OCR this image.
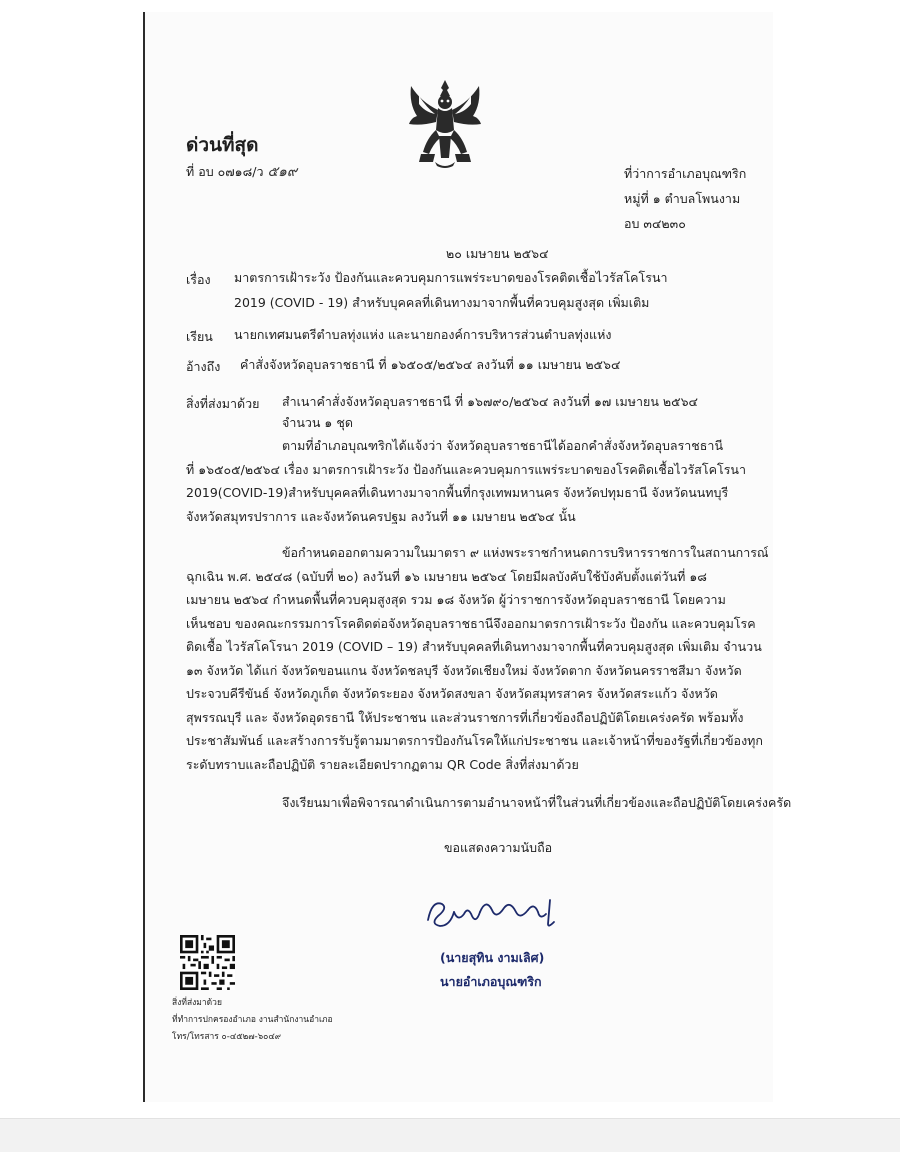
ด่วนที่สุด
ที่ อบ ๐๗๑๘/ว ๕๑๙	ที่ว่าการอำเภอบุณฑริก
หมู่ที่ ๑ ตำบลโพนงาม
อบ ๓๔๒๓๐
๒๐ เมษายน ๒๕๖๔
เรื่อง มาตรการเฝ้าระวัง ป้องกันและควบคุมการแพร่ระบาดของโรคติดเชื้อไวรัสโคโรนา
2019 (COVID - 19) สำหรับบุคคลที่เดินทางมาจากพื้นที่ควบคุมสูงสุด เพิ่มเติม
เรียน นายกเทศมนตรีตำบลทุ่งแห่ง และนายกองค์การบริหารส่วนตำบลทุ่งแห่ง
อ้างถึง คำสั่งจังหวัดอุบลราชธานี ที่ ๑๖๕๐๕/๒๕๖๔ ลงวันที่ ๑๑ เมษายน ๒๕๖๔
สิ่งที่ส่งมาด้วย สำเนาคำสั่งจังหวัดอุบลราชธานี ที่ ๑๖๗๙๐/๒๕๖๔ ลงวันที่ ๑๗ เมษายน ๒๕๖๔
จำนวน ๑ ชุด
ตามที่อำเภอบุณฑริกได้แจ้งว่า จังหวัดอุบลราชธานีได้ออกคำสั่งจังหวัดอุบลราชธานี
ที่ ๑๖๕๐๕/๒๕๖๔ เรื่อง มาตรการเฝ้าระวัง ป้องกันและควบคุมการแพร่ระบาดของโรคติดเชื้อไวรัสโคโรนา
2019(COVID-19)สำหรับบุคคลที่เดินทางมาจากพื้นที่กรุงเทพมหานคร จังหวัดปทุมธานี จังหวัดนนทบุรี
จังหวัดสมุทรปราการ และจังหวัดนครปฐม ลงวันที่ ๑๑ เมษายน ๒๕๖๔ นั้น
ข้อกำหนดออกตามความในมาตรา ๙ แห่งพระราชกำหนดการบริหารราชการในสถานการณ์
ฉุกเฉิน พ.ศ. ๒๕๔๘ (ฉบับที่ ๒๐) ลงวันที่ ๑๖ เมษายน ๒๕๖๔ โดยมีผลบังคับใช้บังคับตั้งแต่วันที่ ๑๘
เมษายน ๒๕๖๔ กำหนดพื้นที่ควบคุมสูงสุด รวม ๑๘ จังหวัด ผู้ว่าราชการจังหวัดอุบลราชธานี โดยความ
เห็นชอบ ของคณะกรรมการโรคติดต่อจังหวัดอุบลราชธานีจึงออกมาตรการเฝ้าระวัง ป้องกัน และควบคุมโรค
ติดเชื้อ ไวรัสโคโรนา 2019 (COVID – 19) สำหรับบุคคลที่เดินทางมาจากพื้นที่ควบคุมสูงสุด เพิ่มเติม จำนวน
๑๓ จังหวัด ได้แก่ จังหวัดขอนแกน จังหวัดชลบุรี จังหวัดเชียงใหม่ จังหวัดตาก จังหวัดนครราชสีมา จังหวัด
ประจวบคีรีขันธ์ จังหวัดภูเก็ต จังหวัดระยอง จังหวัดสงขลา จังหวัดสมุทรสาคร จังหวัดสระแก้ว จังหวัด
สุพรรณบุรี และ จังหวัดอุดรธานี ให้ประชาชน และส่วนราชการที่เกี่ยวข้องถือปฏิบัติโดยเคร่งครัด พร้อมทั้ง
ประชาสัมพันธ์ และสร้างการรับรู้ตามมาตรการป้องกันโรคให้แก่ประชาชน และเจ้าหน้าที่ของรัฐที่เกี่ยวข้องทุก
ระดับทราบและถือปฏิบัติ รายละเอียดปรากฏตาม QR Code สิ่งที่ส่งมาด้วย
จึงเรียนมาเพื่อพิจารณาดำเนินการตามอำนาจหน้าที่ในส่วนที่เกี่ยวข้องและถือปฏิบัติโดยเคร่งครัด
ขอแสดงความนับถือ
(นายสุทิน งามเลิศ)
นายอำเภอบุณฑริก
สิ่งที่ส่งมาด้วย
ที่ทำการปกครองอำเภอ งานสำนักงานอำเภอ
โทร/โทรสาร ๐-๔๕๒๗-๖๐๔๙
